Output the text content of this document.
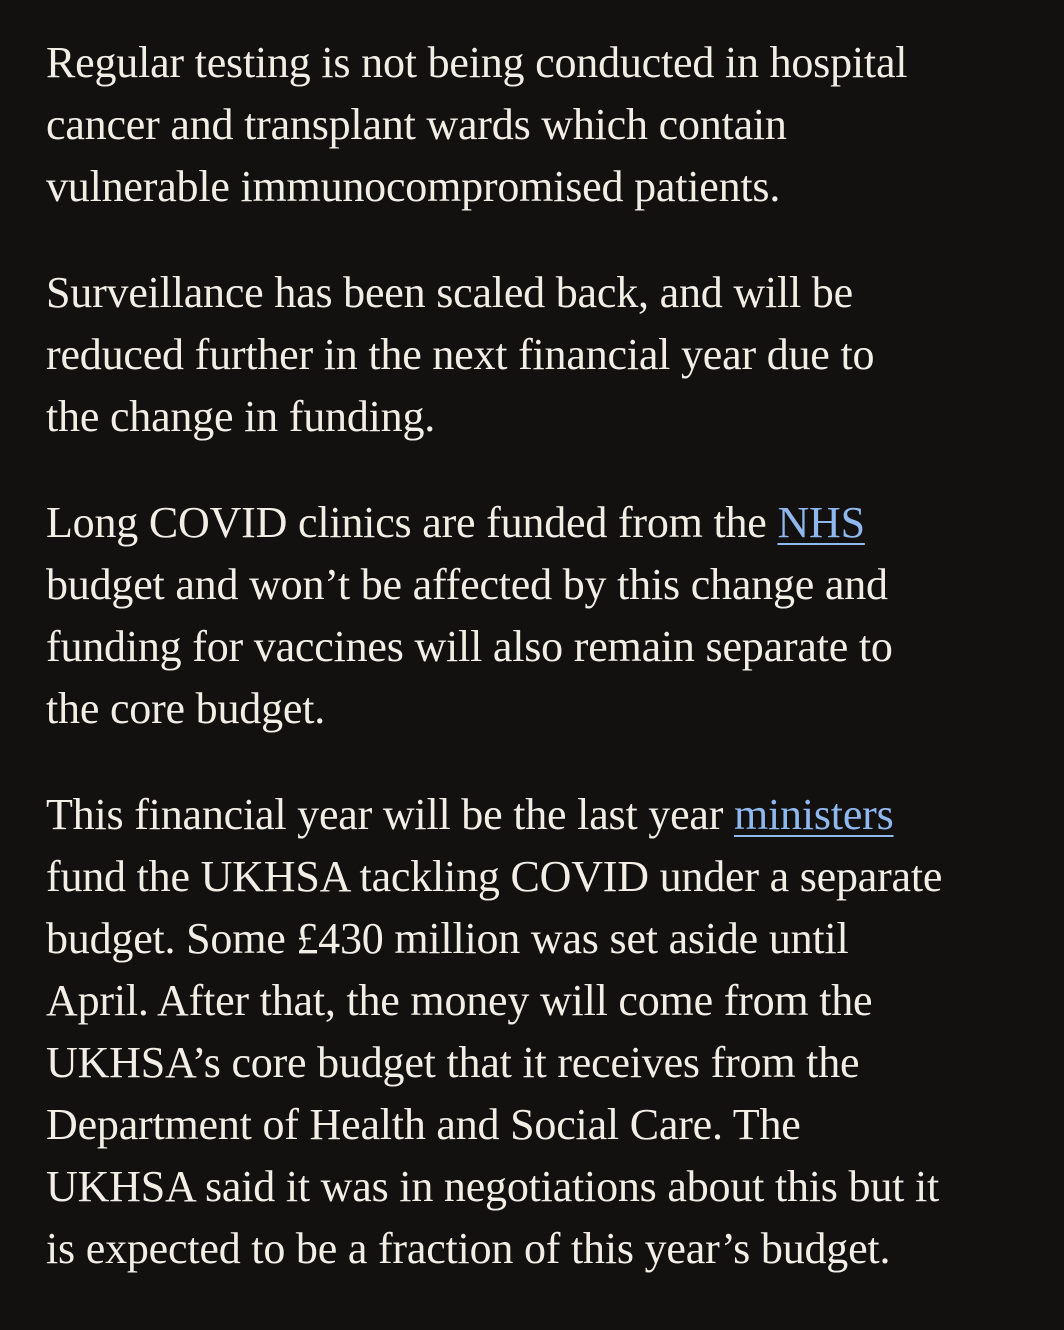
Regular testing is not being conducted in hospital
cancer and transplant wards which contain
vulnerable immunocompromised patients.

Surveillance has been scaled back, and will be
reduced further in the next financial year due to
the change in funding.

Long COVID clinics are funded from the NHS
budget and won’t be affected by this change and
funding for vaccines will also remain separate to
the core budget.

This financial year will be the last year ministers
fund the UKHSA tackling COVID under a separate
budget. Some £430 million was set aside until
April. After that, the money will come from the
UKHSA’s core budget that it receives from the
Department of Health and Social Care. The
UKHSA said it was in negotiations about this but it
is expected to be a fraction of this year’s budget.
